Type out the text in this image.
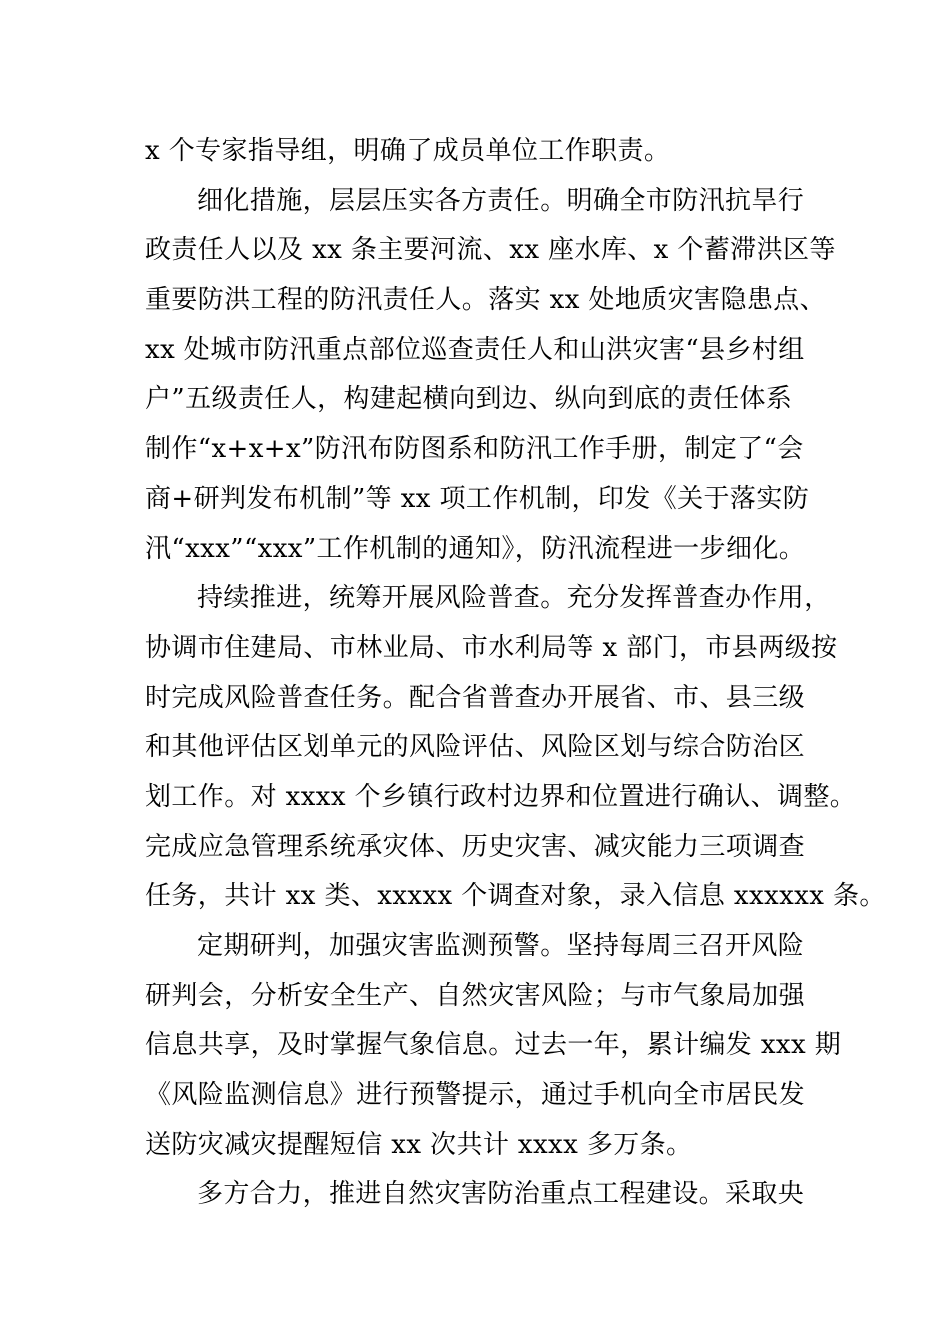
x 个专家指导组，明确了成员单位工作职责。
细化措施，层层压实各方责任。明确全市防汛抗旱行
政责任人以及 xx 条主要河流、xx 座水库、x 个蓄滞洪区等
重要防洪工程的防汛责任人。落实 xx 处地质灾害隐患点、
xx 处城市防汛重点部位巡查责任人和山洪灾害“县乡村组
户”五级责任人，构建起横向到边、纵向到底的责任体系
制作“x+x+x”防汛布防图系和防汛工作手册，制定了“会
商+研判发布机制”等 xx 项工作机制，印发《关于落实防
汛“xxx”“xxx”工作机制的通知》，防汛流程进一步细化。
持续推进，统筹开展风险普查。充分发挥普查办作用，
协调市住建局、市林业局、市水利局等 x 部门，市县两级按
时完成风险普查任务。配合省普查办开展省、市、县三级
和其他评估区划单元的风险评估、风险区划与综合防治区
划工作。对 xxxx 个乡镇行政村边界和位置进行确认、调整。
完成应急管理系统承灾体、历史灾害、减灾能力三项调查
任务，共计 xx 类、xxxxx 个调查对象，录入信息 xxxxxx 条。
定期研判，加强灾害监测预警。坚持每周三召开风险
研判会，分析安全生产、自然灾害风险；与市气象局加强
信息共享，及时掌握气象信息。过去一年，累计编发 xxx 期
《风险监测信息》进行预警提示，通过手机向全市居民发
送防灾减灾提醒短信 xx 次共计 xxxx 多万条。
多方合力，推进自然灾害防治重点工程建设。采取央
